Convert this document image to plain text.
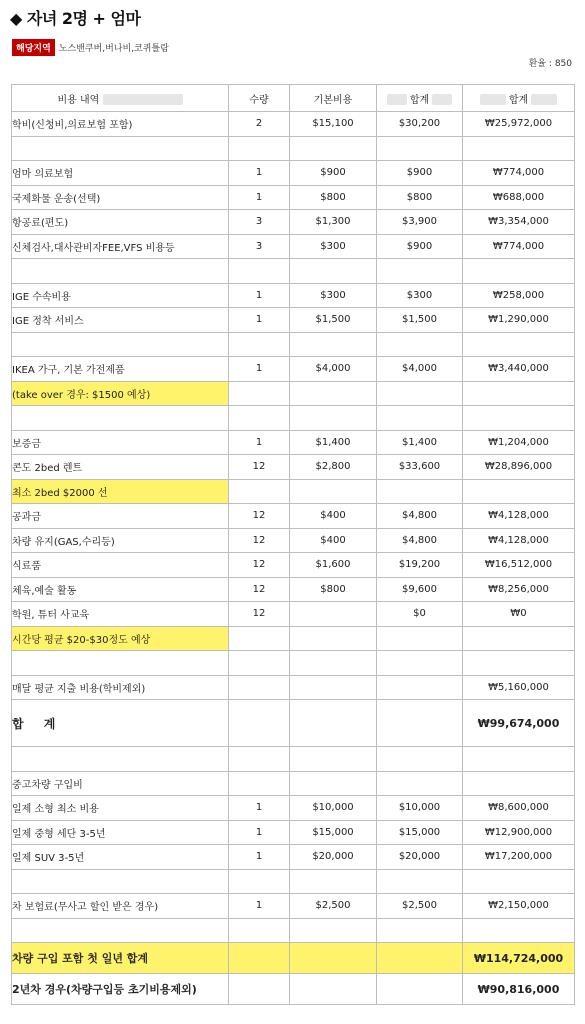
◆ 자녀 2명 + 엄마
해당지역 노스밴쿠버,버나비,코퀴틀람
환율 : 850
비용 내역	수량	기본비용	합계	합계
학비(신청비,의료보험 포함)	2	$15,100	$30,200	₩25,972,000

엄마 의료보험	1	$900	$900	₩774,000
국제화물 운송(선택)	1	$800	$800	₩688,000
항공료(편도)	3	$1,300	$3,900	₩3,354,000
신체검사,대사관비자FEE,VFS 비용등	3	$300	$900	₩774,000

IGE 수속비용	1	$300	$300	₩258,000
IGE 정착 서비스	1	$1,500	$1,500	₩1,290,000

IKEA 가구, 기본 가전제품	1	$4,000	$4,000	₩3,440,000
(take over 경우: $1500 예상)				

보증금	1	$1,400	$1,400	₩1,204,000
콘도 2bed 렌트	12	$2,800	$33,600	₩28,896,000
최소 2bed $2000 선				
공과금	12	$400	$4,800	₩4,128,000
차량 유지(GAS,수리등)	12	$400	$4,800	₩4,128,000
식료품	12	$1,600	$19,200	₩16,512,000
체육,예술 활동	12	$800	$9,600	₩8,256,000
학원, 튜터 사교육	12		$0	₩0
시간당 평균 $20-$30정도 예상				

매달 평균 지출 비용(학비제외)				₩5,160,000
합 계				₩99,674,000

중고차량 구입비				
일제 소형 최소 비용	1	$10,000	$10,000	₩8,600,000
일제 중형 세단 3-5년	1	$15,000	$15,000	₩12,900,000
일제 SUV 3-5년	1	$20,000	$20,000	₩17,200,000

차 보험료(무사고 할인 받은 경우)	1	$2,500	$2,500	₩2,150,000

차량 구입 포함 첫 일년 합계				₩114,724,000
2년차 경우(차량구입등 초기비용제외)				₩90,816,000
